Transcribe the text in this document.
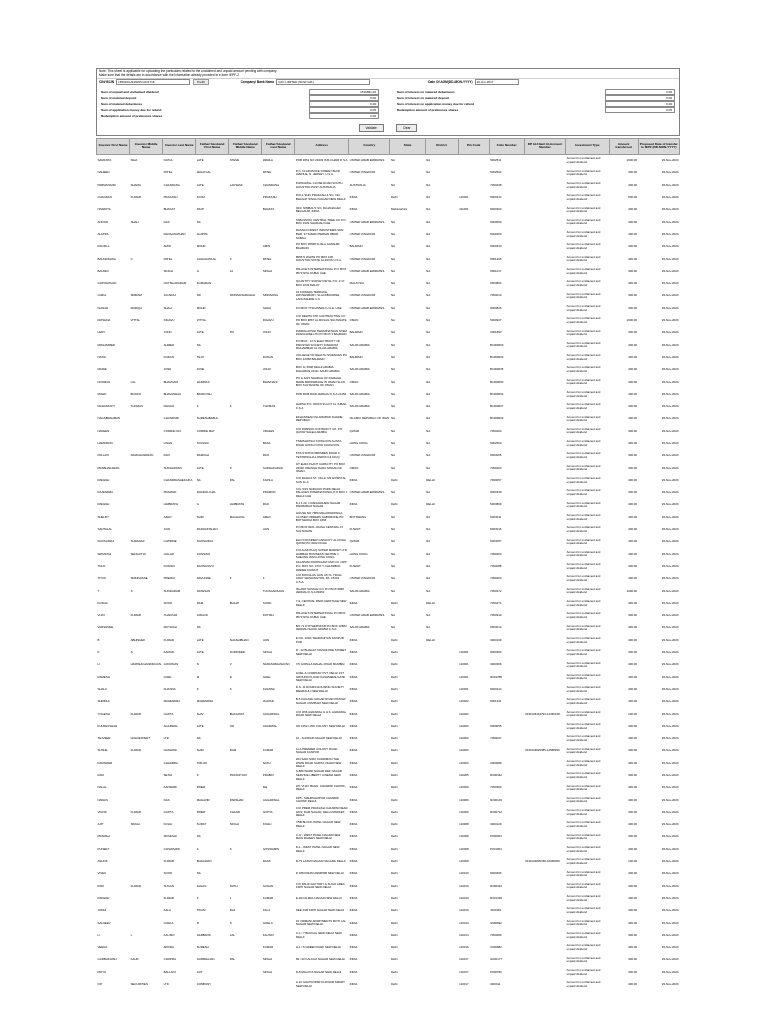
Note: This sheet is applicable for uploading the particulars related to the unclaimed and unpaid amount pending with company.
Make sure that the details are in accordance with the information already provided in e-form IEPF-2
CIN/ BCIN	L65910GJ1993PLC021716	Prefill	Company/ Bank Name	GFC LIMITED (NOW GFL)	Date Of AGM(DD-MON-YYYY)	26-Jun-2017
Sum of unpaid and unclaimed dividend	1516891.00
Sum of matured deposit	0.00
Sum of matured debentures	0.00
Sum of application money due for refund	0.00
Redemption amount of preference shares	0.00
Sum of interest on matured debentures	0.00
Sum of interest on matured deposit	0.00
Sum of interest on application money due for refund	0.00
Redemption amount of preference shares	0.00
Validate	Clear
Investor First Name	Investor Middle Name	Investor Last Name	Father/ Husband First Name	Father/ Husband Middle Name	Father/ Husband Last Name	Address	Country	State	District	Pin Code	Folio Number	DP Id-Client Id-Account Number	Investment Type	Amount transferred	Proposed Date of transfer to IEPF (DD-MON-YYYY)
SAMANTA	ISHA	NATUL	LATE	STEVE	WARLA	POB 3051 NO 23433 ISIS CHAIR R S A	UNITED ARAB EMIRATES	NA	NA		5002511		Amount for unclaimed and unpaid dividend	1000.00	29-Nov-2020
NAHEED		PATEL	JEGATLAL		PATEL	P.O. 10 ADVANCE STREET BLVD AVENUE, N. JERSEY, U.S.A.	UNITED KINGDOM	NA	NA		5002524		Amount for unclaimed and unpaid dividend	400.00	29-Nov-2020
PARMANAND	SHAMA	CHANDANA	LATE	LAKSHMI	CHANDANA	8 RINGMILL CLOSE ROAD SOUTH HOUSTON POST AUSTRALIA	AUSTRALIA	NA	NA		7000238		Amount for unclaimed and unpaid dividend	400.00	29-Nov-2020
CHANDAN	KUMAR	PRAKASH	SYAM		PRAKASH	D/O-1 SHIV PRAKASH & SO. 132, BHAGAT SINGH NAGAR NEW DELHI	INDIA	Delhi	NA	110001	5000314		Amount for unclaimed and unpaid dividend	500.00	29-Nov-2020
NIVEDITA		BHAKAT	DILIP		BHAKAT	49/3, NIMBAL'S SO, RAJANAGAR BELGAUM, INDIA	INDIA	Maharashtra	NA	411001	5000303		Amount for unclaimed and unpaid dividend	400.00	29-Nov-2020
ANOOD	SHAH	DAS	NA			TABASSUM, CENTRAL TREE CO P.O. BOX 1939 SHARJAH UAE	UNITED ARAB EMIRATES	NA	NA		5000050		Amount for unclaimed and unpaid dividend	400.00	29-Nov-2020
ALAPPA		RANGANATHAN	ALAPPA			RASNA FOREST INDUSTRIES SDN BHD, 37 TAMAN PERMAI 88000 SABAH	UNITED KINGDOM	NA	NA		5000250		Amount for unclaimed and unpaid dividend	400.00	29-Nov-2020
RAOFILL		AMIN	MOHD		AMIN	PO BOX 35668 KUALA JAWAHIR BAHRAIN	BAHRAIN	NA	NA		5000433		Amount for unclaimed and unpaid dividend	400.00	29-Nov-2020
BALKRISHNA	C	PATEL	CHHAGANLAL	C	PATEL	8955 N WHITE PO BOX 108 HOUSTON STATE ILLINOIS U.S.A.	UNITED KINGDOM	NA	NA		5001205		Amount for unclaimed and unpaid dividend	400.00	29-Nov-2020
BALDEV		SINGH	G	JA	SINGH	PALACE'S INTERNATIONAL P.O. BOX 9573 NISL DUBAI UAE	UNITED ARAB EMIRATES	NA	NA		5001017		Amount for unclaimed and unpaid dividend	400.00	29-Nov-2020
GOPINATHAN		NATTALAPARAM	KUMARAN			QUANTITY SURVEYOR NL P.O. # 17 BOX 1043 MALAY	MALAYSIA	NA	NA		5003804		Amount for unclaimed and unpaid dividend	400.00	29-Nov-2020
CHIKA	SRIRAM	JAYARAJ	SR	SRINIVASARAGHA	SRINIVASA	16 KOWARA TERRACE, WAYNESBURY, SLACKBOURNE, LANCASHIRE U.K.	UNITED KINGDOM	NA	NA		7000010		Amount for unclaimed and unpaid dividend	400.00	29-Nov-2020
ISANAH	MARIQA	SHAH	MOHD		SHAH	P.O.BOX 7730 AMWAJ U.A.E. UAE	UNITED ARAB EMIRATES	NA	NA		5000826		Amount for unclaimed and unpaid dividend	400.00	29-Nov-2020
KRISHNA	VITTAL	DIGAVU	VITTAL		DIGAVU	C/O DEWTA STP CONTRACTING CO PO BOX 9867 AL RUSAIL SULTANATE OF OMAN	OMAN	NA	NA		5000947		Amount for unclaimed and unpaid dividend	1000.00	29-Nov-2020
LEMY		JOHN	LATE	PO	JOHN	INDIRALAKSHI SWAMINATHAN STEM FRANCHISE LTD PO BOX 3 BAHRAIN	BAHRAIN	NA	NA		2001893		Amount for unclaimed and unpaid dividend	400.00	29-Nov-2020
MOHAMMED		AHMED	NA			P.O.BOX - 10 S ELECTRICITY OF PAKISTAN SOCIETY KINGDOM MUHAMMAD AL OLAIA ARABIA	SAUDI ARABIA	NA	NA		B1000603		Amount for unclaimed and unpaid dividend	400.00	29-Nov-2020
NATHI		DUDAN	TEJO		DUDAN	COLLEGE OF HEALTH SCIENCES PO BOX 12358 BAHRAIN	BAHRAIN	NA	NA		B1000003		Amount for unclaimed and unpaid dividend	400.00	29-Nov-2020
MARIE		JUNE	JUNE		JOHN	BOX 11 5008 DELHI ARABIA DHAHRAN 31311 SAUDI ARABIA	SAUDI ARABIA	NA	NA		B1000035		Amount for unclaimed and unpaid dividend	400.00	29-Nov-2020
NOORAN	LAL	BHAVNANI	HARIDAS		BHAVNANI	PO & 4223 NHARAH OF DAMAGE MADE BROKERAGE IN OMAN SLAN BOX SULTANATE OF OMAN	OMAN	NA	NA		B1000050		Amount for unclaimed and unpaid dividend	400.00	29-Nov-2020
MOHD	BOOKO	BHAVANDAH	BASIKOSH			POB 9038 RIAD JEDDAH K.S.A 21453	SAUDI ARABIA	NA	NA		B1000002		Amount for unclaimed and unpaid dividend	400.00	29-Nov-2020
MAHANKOTI	THOMAS	RANGO	K	K	THOMAS	HARSH P.O. 3000 D'FLUCT AL JUBAIL K.S.A	SAUDI ARABIA	NA	NA		B1000007		Amount for unclaimed and unpaid dividend	400.00	29-Nov-2020
NAGSBRAHMAN		CHUNDURI	SURESHBABUL			EKHASSEAN ISLAMABAD KHARIE REPUBLIC	ISLAMIC REPUBLIC OF IRAN	NA	NA		B1000003		Amount for unclaimed and unpaid dividend	400.00	29-Nov-2020
NAVEEN		CORRIE NAY	CORRIE MAY		VRAJES	C/O DOBSON CONTRACT CO. PO QATAR SALEH ARABIA	QATAR	NA	NA		7000200		Amount for unclaimed and unpaid dividend	400.00	29-Nov-2020
HARRISON		LINAN	SOUZHU		BASA	TSIMSHATSUI KOWLOON ALISTA ROAD HONG KONG KOWLOON	HONG KONG	NA	NA		5002503		Amount for unclaimed and unpaid dividend	400.00	29-Nov-2020
PALLAVI	RAMCHANDRAN	RAO	RAMCHA		RAO	67/6 STATION BRISBEN ROAD 9 TESTRINGHA LONDON HI 10UQ	UNITED KINGDOM	NA	NA		5003005		Amount for unclaimed and unpaid dividend	400.00	29-Nov-2020
PRABHAKARAN		SUDHAKRAN	LATE	P	SUDHAKARAN	3/7 ELRA PLANT CAPACITY PO BOX 23490 ORANGE DARA NISSAN OF OMAN	OMAN	NA	NA		7000203		Amount for unclaimed and unpaid dividend	400.00	29-Nov-2020
RAKESH		CHANDRASHEKAR A	NA	PAL	KAPILA	C/O DAHLIA ST. VILLA 729 HOSPITAL SUN 11-A	INDIA	Delhi	DELHI		7000057		Amount for unclaimed and unpaid dividend	400.00	29-Nov-2020
RAJENDRA		PRAMOD	DHAROLOJAL		PRAMOD	CCL 9/19 NARAYAN PARK DELHI PALACES INTERNATIONAL P.O.BOX 1 DELHI UAE	UNITED ARAB EMIRATES	NA	NA		5000330		Amount for unclaimed and unpaid dividend	400.00	29-Nov-2020
RAKESH		HAIBRATH	G	HAIBRATH	RAO	8-1 1 20, 1 RADHAKHESI NAGAR PADMARAO NAGAR	INDIA	Delhi	DELHI		5003809		Amount for unclaimed and unpaid dividend	400.00	29-Nov-2020
SHELBY		AZEO	SHRI	MACHAVLL	AZEO	HOUSE NO 7989 MALAWARONGA CLOSED ORDERS GABORONE PO BOTSWANA BOX 1666	BOTSWANA	NA	NA		5003011		Amount for unclaimed and unpaid dividend	400.00	29-Nov-2020
SANTALAL		JAIN	RADHAKISHAN		JAIN	P.O.BOX 8221 JOANA CENTRAL 47 SULTANATE	KUWAIT	NA	NA		5003016		Amount for unclaimed and unpaid dividend	400.00	29-Nov-2020
SOOSAIRAJ	SURADAP	LAWRINE	SOOSAIRAJ			ELIO FOUNDER CAPACITY AL DOHA QATAR PO 3022 DOHA	QATAR	NA	NA		5003057		Amount for unclaimed and unpaid dividend	400.00	29-Nov-2020
SRIMATHI	SENGOTHI	GOLAR	CONSINO			C/O ALMUTLAQ SUPER MARKET LTD HAMBAH BUSINESS CENTRE 1 SHEUNG WAN HONG KONG	HONG KONG	NA	NA		7000264		Amount for unclaimed and unpaid dividend	400.00	29-Nov-2020
TOLD		DUNIAN	DAONUIAVO			KALAPANI ROOPALAM CAR CO. OPP P.O. BOX NO. 4707 T CHANDBOL WADEE KUWAIT	KUWAIT	NA	NA		7000088		Amount for unclaimed and unpaid dividend	400.00	29-Nov-2020
TITUS	SRINIVASSE	PREMAI	NAVUNDE	F	F	C/O DOUGLAS HUN UK IS. TRULL CRAY WASHINGTON, PA. 15301 U.S.A.	UNITED KINGDOM	NA	NA		7000203		Amount for unclaimed and unpaid dividend	400.00	29-Nov-2020
T	S	SUNDARAM	NATESAN		THYAGARAJAN	ISLAND SASSLE CO. P.O BOX 9968 JEDDAH K.S.A 89452	SAUDI ARABIA	NA	NA		7000272		Amount for unclaimed and unpaid dividend	1000.00	29-Nov-2020
KOSHA		SOOD	RAM	BHALP	SOOD	7-9, CENTRAL PARK HERITAGE NEW DELHI	INDIA	Delhi	DELHI		7000471		Amount for unclaimed and unpaid dividend	400.00	29-Nov-2020
VIJAY	KUMAR	THAKKAR	JADAVJI		KOTISH	PALACE'S INTERNATIONAL P.O.BOX 9573 NISL DUBAI UAE	UNITED ARAB EMIRATES	NA	NA		7000919		Amount for unclaimed and unpaid dividend	400.00	29-Nov-2020
VARSHNEE		MUTHIAH	NA			B/F 71 D'OTHERSKAR PO BOX 10583 JEDDAH SAUDI ARABIA K.S.A	SAUDI ARABIA	NA	NA		5003014		Amount for unclaimed and unpaid dividend	400.00	29-Nov-2020
B	ABHISHEK	KUMAR	LATE	SHASHIBHAN	JAIN	E NO. 120/1 TEHRANIYAN KANPUR PUR	INDIA	Delhi	DELHI		3000130		Amount for unclaimed and unpaid dividend	400.00	29-Nov-2020
P.	S.	KAMAD	LATE	SURINDER	SINGH	D - 12 BHAGAT KOZHIKODE STREET NEW DELHI	INDIA	Delhi		110001	5000303		Amount for unclaimed and unpaid dividend	400.00	29-Nov-2020
H	HARISHCHANDRA RAI	GOUDNAS	N	V	NARASIMHANAYAN	7/6 GOPALA MAHAL ROAD MUMBAI	INDIA	Delhi		110001	3000366		Amount for unclaimed and unpaid dividend	400.00	29-Nov-2020
RAMESH		GOEL	M	D	GOEL	GOEL & COMPANY PVT. DELHI 1ST GROUND FLOOR KASHMERE GATE NEW DELHI	INDIA	Delhi		110001	R001355		Amount for unclaimed and unpaid dividend	400.00	29-Nov-2020
SHALU		KHANNA	K	K	KHANNA	D.N. 11 ROHINI HOUSING SOCIETY MEHRAULI NEW DELHI	INDIA	Delhi		110001	5000214		Amount for unclaimed and unpaid dividend	400.00	29-Nov-2020
SHRIDHI		MAHENDRA	MAHENDRA		JHAVAR	B-5 KAILASH NAGAR ROAD PRATAP NAGAR COMPLEX NEW DELHI	INDIA	Delhi		110002	5001341		Amount for unclaimed and unpaid dividend	400.00	29-Nov-2020
YOGESH	KUMAR	GUPTA	SHIV	BHAGWAT	AGGARWAL	C/O 3/66 AGRAWAL & H.S. AGRAWAL ROAD NEW DELHI	INDIA	Delhi		110002		IN30136410794-12330168	Amount for unclaimed and unpaid dividend	100.00	29-Nov-2020
KULBHUSHAN		AGARWAL	LATE	OD	AGARWAL	ON 1052 LODI COLONY NEW DELHI	INDIA	Delhi		110003	0000055		Amount for unclaimed and unpaid dividend	400.00	29-Nov-2020
TEJVEER	HOLDEXPERT	LTD	NA			16 - SUNDAR NAGAR NEW DELHI	INDIA	Delhi		110003	7000037		Amount for unclaimed and unpaid dividend	400.00	29-Nov-2020
SUSHIL	KUMAR	NASWANI	SHRI	RAM	KUMAR	11 A PREMIER COLONY ROAD NAGAR KANPUR	INDIA	Delhi		110003		IN30134820385-12588936	Amount for unclaimed and unpaid dividend	400.00	29-Nov-2020
DAVINDER		CHHABRA	TRILOK		NATH	204 SARI NIRU KANDIMON THE WWW ROAD SARITA VIHAR NEW DELHI	INDIA	Delhi		110003	2000089		Amount for unclaimed and unpaid dividend	400.00	29-Nov-2020
RAVI		SETHI	K	PRATAP RAY	PRABIO	S-880 WARD NAGAR DEF NAGAR SERVICE LIBERTY CINEMA NEW DELHI	INDIA	Delhi		110005	R000342		Amount for unclaimed and unpaid dividend	400.00	29-Nov-2020
DALAL		KANWARI	PREM		Raj	2/5, VIJAY BAGH, CHANDNI CHOWK, DELHI	INDIA	Delhi		110006	7000390		Amount for unclaimed and unpaid dividend	400.00	29-Nov-2020
NAWAS		DAS	MAHAVIR	PARSHAD	AGGARWAL	19/5 - MAHIPALMPUR CHANDNI CHOWK DELHI	INDIA	Delhi		110006	N000103		Amount for unclaimed and unpaid dividend	400.00	29-Nov-2020
VINOD	KUMAR	GUPTA	PREM	CHAND	GUPTA	C/O PREM PRAKASH CHANDNI NEAR 4/6/2, RAM NAGAR, DELHI MARKET, DELHI	INDIA	Delhi		110006	R000712		Amount for unclaimed and unpaid dividend	400.00	29-Nov-2020
AJIT	SINGH	KOHLI	SURAT	SINGH	KOHLI	7/5B BLOCK PATEL NAGAR NEW DELHI	INDIA	Delhi		110008	3000129		Amount for unclaimed and unpaid dividend	400.00	29-Nov-2020
PRAMILA		MUKESHI	NA			C-4/ - WEST PATEL NAGAR NEW MAIN RAJEEV NEW DELHI	INDIA	Delhi		110008	P000304		Amount for unclaimed and unpaid dividend	400.00	29-Nov-2020
PUNEET		GOSWAMIN	A	K	GOSWAMIN	D-1 - WEST PATEL NAGAR NEW DELHI	INDIA	Delhi		110008	P001054		Amount for unclaimed and unpaid dividend	400.00	29-Nov-2020
ASHOK		KUMAR	BHAGWAN		DASS	D-73 LAXMI NAGAR NAGARIL DELHI	INDIA	Delhi		110009		IN30134820158-10038450	Amount for unclaimed and unpaid dividend	100.00	29-Nov-2020
VIVEK		SOOD	NA			D 188 KIRAM ANDRWB NEW DELHI	INDIA	Delhi		110010	5000306		Amount for unclaimed and unpaid dividend	400.00	29-Nov-2020
RAVI	KUMAR	SUGAN	JAGAN	NATH	SUGAN	C/O PALIK FACTORY & SUGO AREA KIRTI NAGAR NEW DELHI	INDIA	Delhi		110010	R000344		Amount for unclaimed and unpaid dividend	400.00	29-Nov-2020
RAKESH		KUMAR	K	L	KUMAR	E-304 ALMAL NAGAR NEW DELHI	INDIA	Delhi		110010	R001339		Amount for unclaimed and unpaid dividend	400.00	29-Nov-2020
JODHI		KALA	TIKAM	RAJ	KALA	SEE 2/28 KIRTI NAGAR NEW DELHI	INDIA	Delhi		110010	J000181		Amount for unclaimed and unpaid dividend	400.00	29-Nov-2020
SANJEEV		GOELA	R	S	GOELA	15 VIRMANI APARTMENTS MOTI LAL NAGAR NEW DELHI	INDIA	Delhi		110013	S000092		Amount for unclaimed and unpaid dividend	400.00	29-Nov-2020
H	L	KAUSIO	HARBANS	LAL	KAUSIO	C-1 / 7 BHOGAL NEW DELHI NEW DELHI	INDIA	Delhi		110014	7000080		Amount for unclaimed and unpaid dividend	400.00	29-Nov-2020
VEENA		ARORA	SURESH		KUMAR	H-1 / 5 GREEN PARK NEW DELHI	INDIA	Delhi		110016	V000082		Amount for unclaimed and unpaid dividend	400.00	29-Nov-2020
GURBAKHISH	KAUR	CHOPRA	GURBHAJAN	PAL	SINGH	99 / 42 KALKAJI NAGAR NEW DELHI	INDIA	Delhi		110017	G000177		Amount for unclaimed and unpaid dividend	400.00	29-Nov-2020
PRIYA		BALLANI	AJIT		SINGH	D-8 MALVIYA NAGAR NEW DELHI	INDIA	Delhi		110017	P000780		Amount for unclaimed and unpaid dividend	400.00	29-Nov-2020
ICP	SECURITIES	LTD	COMPANY			A-10 GHATKOPAR KLIKNOR SMART NEW DELHI	INDIA	Delhi		110017	I000011		Amount for unclaimed and unpaid dividend	400.00	29-Nov-2020
